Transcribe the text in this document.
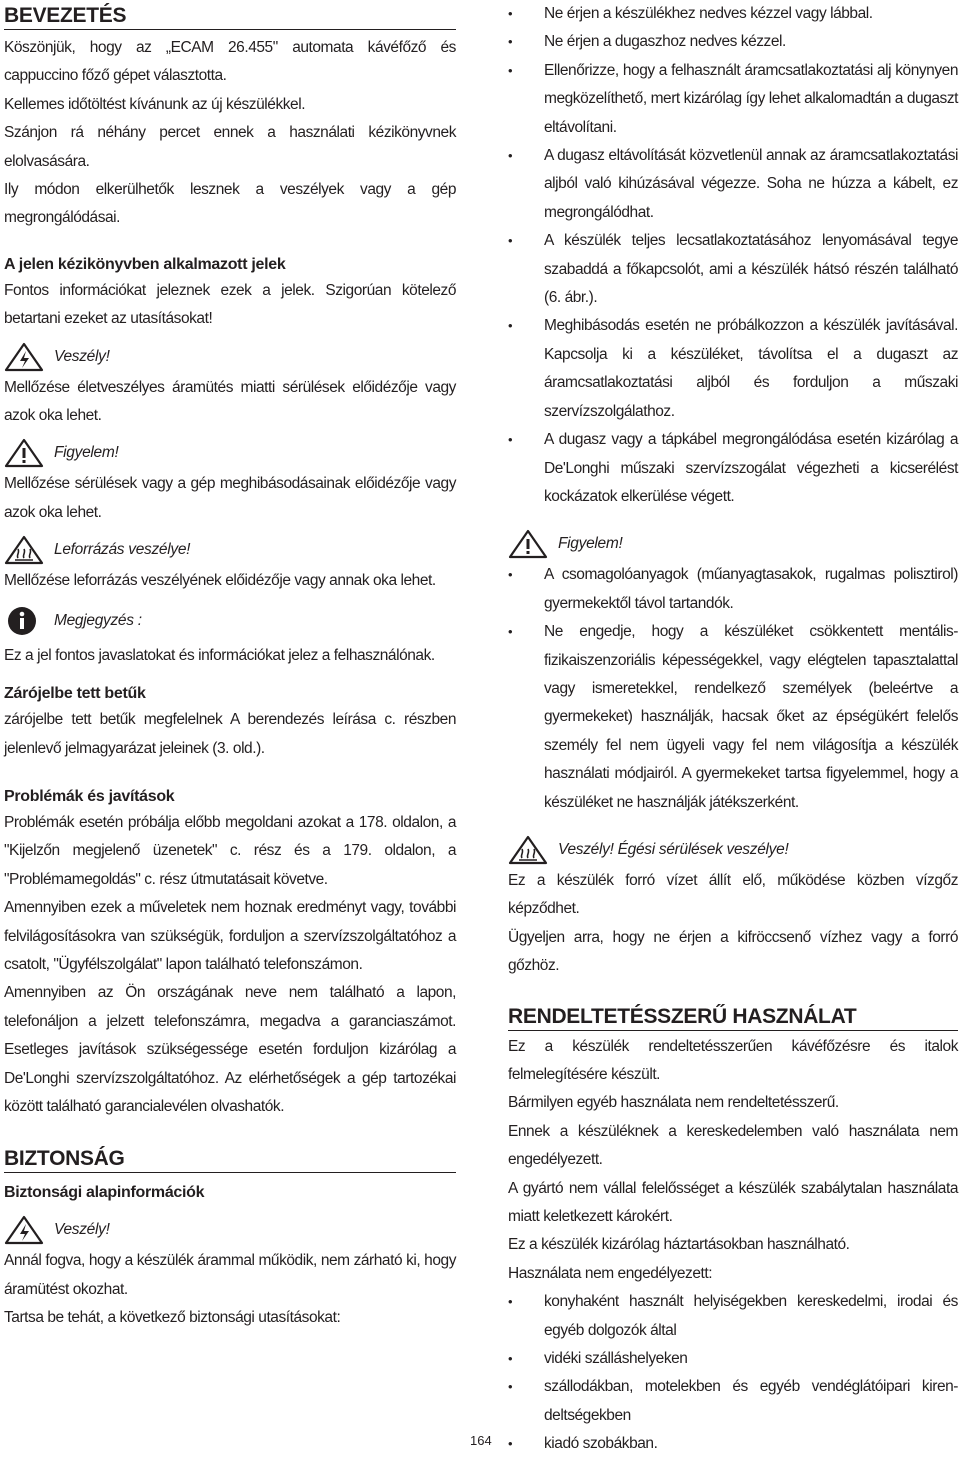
BEVEZETÉS

Köszönjük, hogy az „ECAM 26.455" automata kávéfőző és cappuccino főző gépet választotta.

Kellemes időtöltést kívánunk az új készülékkel.

Szánjon rá néhány percet ennek a használati kézikönyvnek elolvasására.

Ily módon elkerülhetők lesznek a veszélyek vagy a gép megrongálódásai.

A jelen kézikönyvben alkalmazott jelek

Fontos információkat jeleznek ezek a jelek. Szigorúan kötelező betartani ezeket az utasításokat!

Veszély!

Mellőzése életveszélyes áramütés miatti sérülések előidézője vagy azok oka lehet.

Figyelem!

Mellőzése sérülések vagy a gép meghibásodásainak előidézője vagy azok oka lehet.

Leforrázás veszélye!

Mellőzése leforrázás veszélyének előidézője vagy annak oka lehet.

Megjegyzés :

Ez a jel fontos javaslatokat és információkat jelez a felhasználónak.

Zárójelbe tett betűk

zárójelbe tett betűk megfelelnek A berendezés leírása c. részben jelenlevő jelmagyarázat jeleinek (3. old.).

Problémák és javítások

Problémák esetén próbálja előbb megoldani azokat a 178. oldalon, a "Kijelzőn megjelenő üzenetek" c. rész és a 179. oldalon, a "Problémamegoldás" c. rész útmutatásait követve.

Amennyiben ezek a műveletek nem hoznak eredményt vagy, további felvilágosításokra van szükségük, forduljon a szervízszolgáltatóhoz a csatolt, "Ügyfélszolgálat" lapon található telefonszámon.

Amennyiben az Ön országának neve nem található a lapon, telefonáljon a jelzett telefonszámra, megadva a garanciaszámot. Esetleges javítások szükségessége esetén forduljon kizárólag a De'Longhi szervízszolgáltatóhoz. Az elérhetőségek a gép tartozékai között található garancialevélen olvashatók.

BIZTONSÁG
Biztonsági alapinformációk
Veszély!

Annál fogva, hogy a készülék árammal működik, nem zárható ki, hogy áramütést okozhat.

Tartsa be tehát, a következő biztonsági utasításokat:

• Ne érjen a készülékhez nedves kézzel vagy lábbal.
• Ne érjen a dugaszhoz nedves kézzel.
• Ellenőrizze, hogy a felhasznált áramcsatlakoztatási alj könynyen megközelíthető, mert kizárólag így lehet alkalomadtán a dugaszt eltávolítani.
• A dugasz eltávolítását közvetlenül annak az áramcsatlakoztatási aljból való kihúzásával végezze. Soha ne húzza a kábelt, ez megrongálódhat.
• A készülék teljes lecsatlakoztatásához lenyomásával tegye szabaddá a főkapcsolót, ami a készülék hátsó részén található (6. ábr.).
• Meghibásodás esetén ne próbálkozzon a készülék javításával. Kapcsolja ki a készüléket, távolítsa el a dugaszt az áramcsatlakoztatási aljból és forduljon a műszaki szervízszolgálathoz.
• A dugasz vagy a tápkábel megrongálódása esetén kizárólag a De'Longhi műszaki szervízszogálat végezheti a kicserélést kockázatok elkerülése végett.
Figyelem!
• A csomagolóanyagok (műanyagtasakok, rugalmas polisztirol) gyermekektől távol tartandók.
• Ne engedje, hogy a készüléket csökkentett mentális-fizikaiszenzoriális képességekkel, vagy elégtelen tapasztalattal vagy ismeretekkel, rendelkező személyek (beleértve a gyermekeket) használják, hacsak őket az épségükért felelős személy fel nem ügyeli vagy fel nem világosítja a készülék használati módjairól. A gyermekeket tartsa figyelemmel, hogy a készüléket ne használják játékszerként.
Veszély! Égési sérülések veszélye!

Ez a készülék forró vízet állít elő, működése közben vízgőz képződhet.

Ügyeljen arra, hogy ne érjen a kifröccsenő vízhez vagy a forró gőzhöz.

RENDELTETÉSSZERŰ HASZNÁLAT

Ez a készülék rendeltetésszerűen kávéfőzésre és italok felmelegítésére készült.

Bármilyen egyéb használata nem rendeltetésszerű.

Ennek a készüléknek a kereskedelemben való használata nem engedélyezett.

A gyártó nem vállal felelősséget a készülék szabálytalan használata miatt keletkezett károkért.

Ez a készülék kizárólag háztartásokban használható.

Használata nem engedélyezett:

• konyhaként használt helyiségekben kereskedelmi, irodai és egyéb dolgozók által
• vidéki szálláshelyeken
• szállodákban, motelekben és egyéb vendéglátóipari kiren-deltségekben
• kiadó szobákban.
164
